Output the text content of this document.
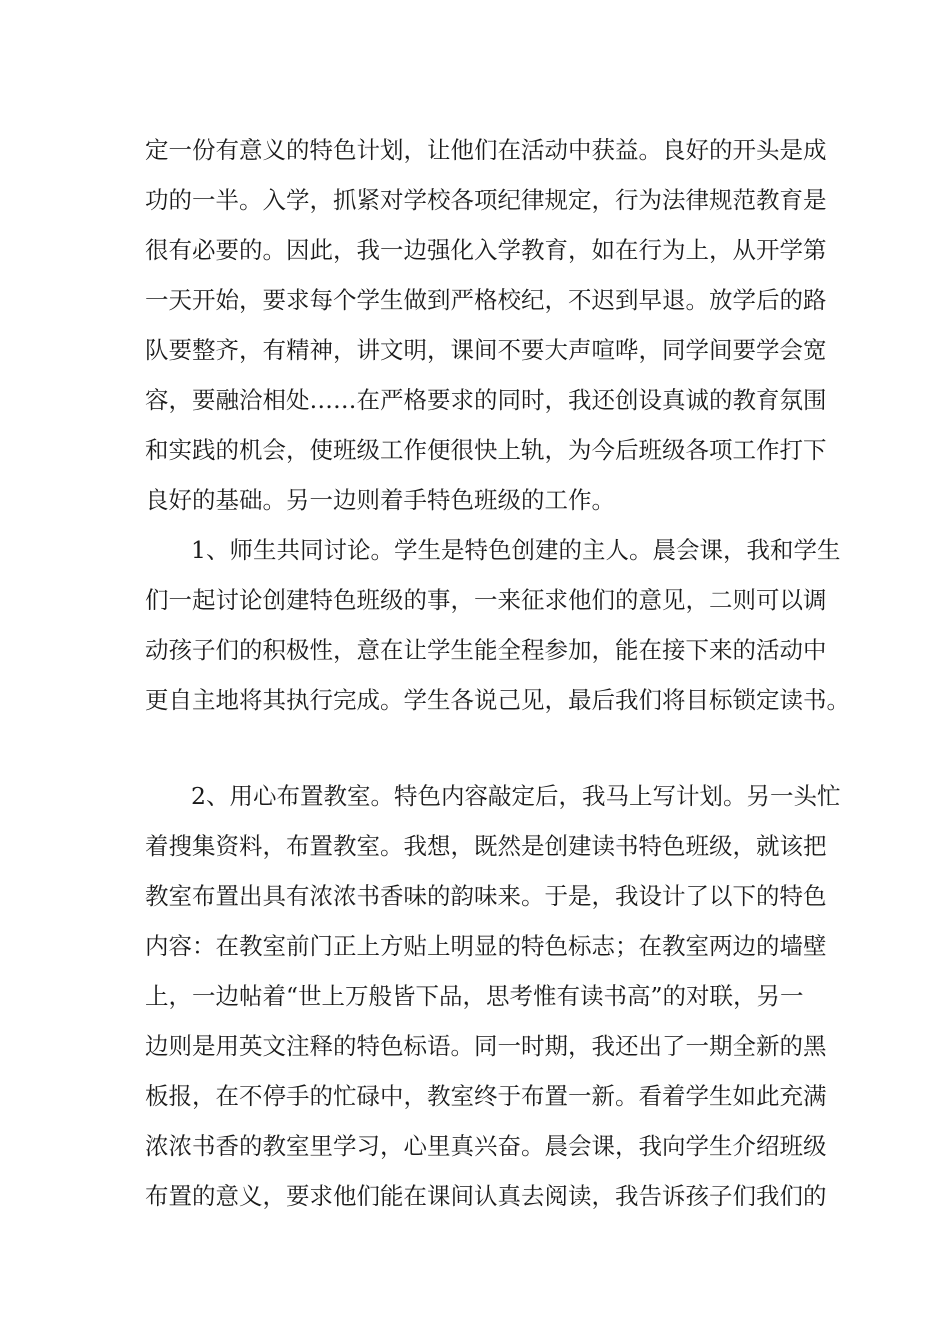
定一份有意义的特色计划，让他们在活动中获益。良好的开头是成
功的一半。入学，抓紧对学校各项纪律规定，行为法律规范教育是
很有必要的。因此，我一边强化入学教育，如在行为上，从开学第
一天开始，要求每个学生做到严格校纪，不迟到早退。放学后的路
队要整齐，有精神，讲文明，课间不要大声喧哗，同学间要学会宽
容，要融洽相处……在严格要求的同时，我还创设真诚的教育氛围
和实践的机会，使班级工作便很快上轨，为今后班级各项工作打下
良好的基础。另一边则着手特色班级的工作。
1、师生共同讨论。学生是特色创建的主人。晨会课，我和学生
们一起讨论创建特色班级的事，一来征求他们的意见，二则可以调
动孩子们的积极性，意在让学生能全程参加，能在接下来的活动中
更自主地将其执行完成。学生各说己见，最后我们将目标锁定读书。
2、用心布置教室。特色内容敲定后，我马上写计划。另一头忙
着搜集资料，布置教室。我想，既然是创建读书特色班级，就该把
教室布置出具有浓浓书香味的韵味来。于是，我设计了以下的特色
内容：在教室前门正上方贴上明显的特色标志；在教室两边的墙壁
上，一边帖着“世上万般皆下品，思考惟有读书高”的对联，另一
边则是用英文注释的特色标语。同一时期，我还出了一期全新的黑
板报，在不停手的忙碌中，教室终于布置一新。看着学生如此充满
浓浓书香的教室里学习，心里真兴奋。晨会课，我向学生介绍班级
布置的意义，要求他们能在课间认真去阅读，我告诉孩子们我们的
